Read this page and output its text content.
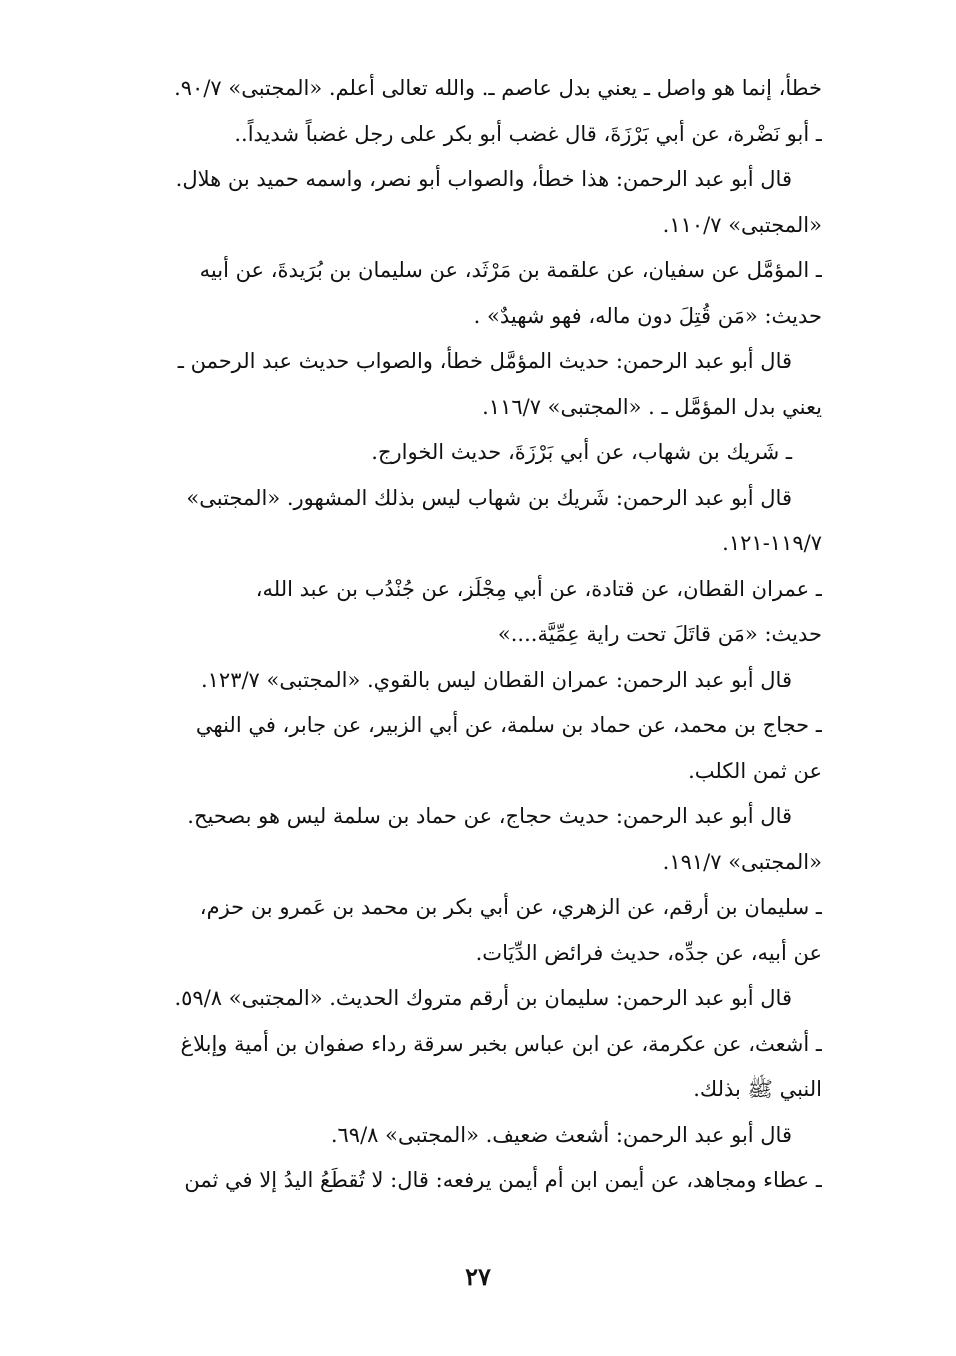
خطأ، إنما هو واصل ـ يعني بدل عاصم ـ. والله تعالى أعلم. «المجتبى» ٩٠/٧.
ـ أبو نَضْرة، عن أبي بَرْزَةَ، قال غضب أبو بكر على رجل غضباً شديداً..
قال أبو عبد الرحمن: هذا خطأ، والصواب أبو نصر، واسمه حميد بن هلال.
«المجتبى» ١١٠/٧.
ـ المؤمَّل عن سفيان، عن علقمة بن مَرْثَد، عن سليمان بن بُرَيدةَ، عن أبيه
حديث: «مَن قُتِلَ دون ماله، فهو شهيدٌ» .
قال أبو عبد الرحمن: حديث المؤمَّل خطأ، والصواب حديث عبد الرحمن ـ
يعني بدل المؤمَّل ـ . «المجتبى» ١١٦/٧.
ـ شَريك بن شهاب، عن أبي بَرْزَةَ، حديث الخوارج.
قال أبو عبد الرحمن: شَريك بن شهاب ليس بذلك المشهور. «المجتبى»
١١٩/٧-١٢١.
ـ عمران القطان، عن قتادة، عن أبي مِجْلَز، عن جُنْدُب بن عبد الله،
حديث: «مَن قاتَلَ تحت راية عِمِّيَّة....»
قال أبو عبد الرحمن: عمران القطان ليس بالقوي. «المجتبى» ١٢٣/٧.
ـ حجاج بن محمد، عن حماد بن سلمة، عن أبي الزبير، عن جابر، في النهي
عن ثمن الكلب.
قال أبو عبد الرحمن: حديث حجاج، عن حماد بن سلمة ليس هو بصحيح.
«المجتبى» ١٩١/٧.
ـ سليمان بن أرقم، عن الزهري، عن أبي بكر بن محمد بن عَمرو بن حزم،
عن أبيه، عن جدِّه، حديث فرائض الدِّيَات.
قال أبو عبد الرحمن: سليمان بن أرقم متروك الحديث. «المجتبى» ٥٩/٨.
ـ أشعث، عن عكرمة، عن ابن عباس بخبر سرقة رداء صفوان بن أمية وإبلاغ
النبي ﷺ بذلك.
قال أبو عبد الرحمن: أشعث ضعيف. «المجتبى» ٦٩/٨.
ـ عطاء ومجاهد، عن أيمن ابن أم أيمن يرفعه: قال: لا تُقطَعُ اليدُ إلا في ثمن
٢٧
